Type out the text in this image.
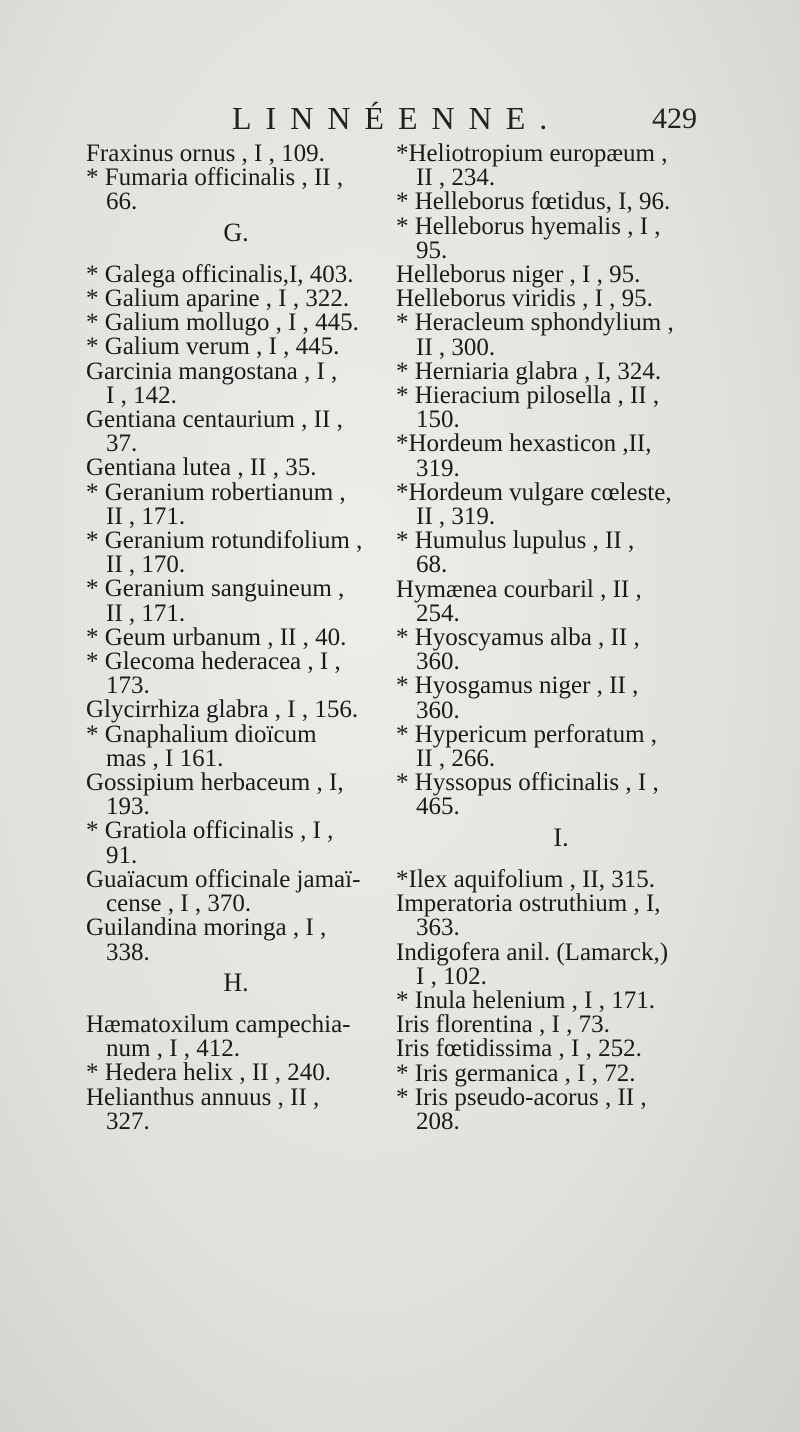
LINNÉENNE.	429
Fraxinus ornus , I , 109.
* Fumaria officinalis , II ,
66.
G.
* Galega officinalis,I, 403.
* Galium aparine , I , 322.
* Galium mollugo , I , 445.
* Galium verum , I , 445.
Garcinia mangostana , I ,
I , 142.
Gentiana centaurium , II ,
37.
Gentiana lutea , II , 35.
* Geranium robertianum ,
II , 171.
* Geranium rotundifolium ,
II , 170.
* Geranium sanguineum ,
II , 171.
* Geum urbanum , II , 40.
* Glecoma hederacea , I ,
173.
Glycirrhiza glabra , I , 156.
* Gnaphalium dioïcum
mas , I 161.
Gossipium herbaceum , I,
193.
* Gratiola officinalis , I ,
91.
Guaïacum officinale jamaï-
cense , I , 370.
Guilandina moringa , I ,
338.
H.
Hæmatoxilum campechia-
num , I , 412.
* Hedera helix , II , 240.
Helianthus annuus , II ,
327.
*Heliotropium europæum ,
II , 234.
* Helleborus fœtidus, I, 96.
* Helleborus hyemalis , I ,
95.
Helleborus niger , I , 95.
Helleborus viridis , I , 95.
* Heracleum sphondylium ,
II , 300.
* Herniaria glabra , I, 324.
* Hieracium pilosella , II ,
150.
*Hordeum hexasticon ,II,
319.
*Hordeum vulgare cœleste,
II , 319.
* Humulus lupulus , II ,
68.
Hymænea courbaril , II ,
254.
* Hyoscyamus alba , II ,
360.
* Hyosgamus niger , II ,
360.
* Hypericum perforatum ,
II , 266.
* Hyssopus officinalis , I ,
465.
I.
*Ilex aquifolium , II, 315.
Imperatoria ostruthium , I,
363.
Indigofera anil. (Lamarck,)
I , 102.
* Inula helenium , I , 171.
Iris florentina , I , 73.
Iris fœtidissima , I , 252.
* Iris germanica , I , 72.
* Iris pseudo-acorus , II ,
208.
